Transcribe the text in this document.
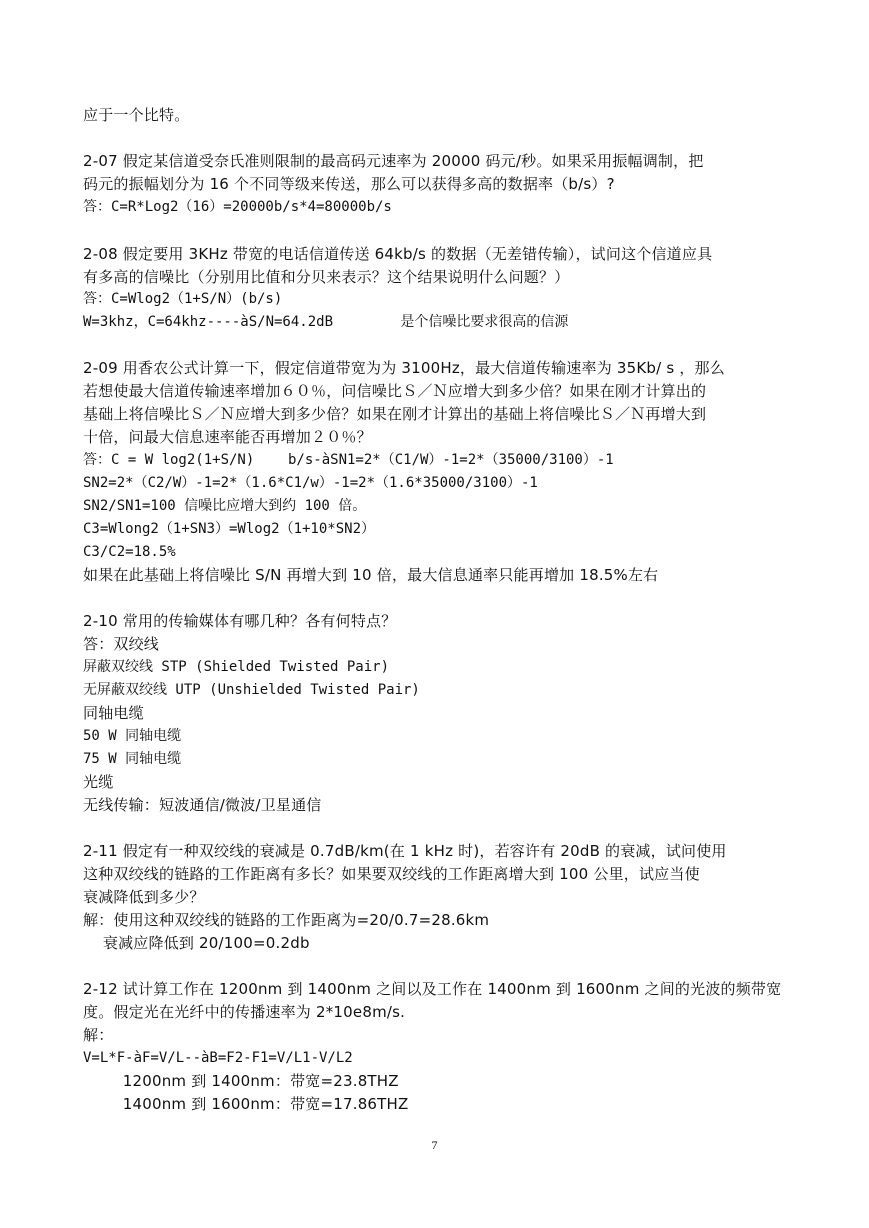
应于一个比特。
2-07 假定某信道受奈氏准则限制的最高码元速率为 20000 码元/秒。如果采用振幅调制，把
码元的振幅划分为 16 个不同等级来传送，那么可以获得多高的数据率（b/s）?
答：C=R*Log2（16）=20000b/s*4=80000b/s
2-08 假定要用 3KHz 带宽的电话信道传送 64kb/s 的数据（无差错传输），试问这个信道应具
有多高的信噪比（分别用比值和分贝来表示？这个结果说明什么问题？）
答：C=Wlog2（1+S/N）(b/s)
W=3khz，C=64khz----àS/N=64.2dB        是个信噪比要求很高的信源
2-09 用香农公式计算一下，假定信道带宽为为 3100Hz，最大信道传输速率为 35Kb/ s ，那么
若想使最大信道传输速率增加６０％，问信噪比Ｓ／Ｎ应增大到多少倍？如果在刚才计算出的
基础上将信噪比Ｓ／Ｎ应增大到多少倍？如果在刚才计算出的基础上将信噪比Ｓ／Ｎ再增大到
十倍，问最大信息速率能否再增加２０％？
答：C = W log2(1+S/N)    b/s-àSN1=2*（C1/W）-1=2*（35000/3100）-1
SN2=2*（C2/W）-1=2*（1.6*C1/w）-1=2*（1.6*35000/3100）-1
SN2/SN1=100 信噪比应增大到约 100 倍。
C3=Wlong2（1+SN3）=Wlog2（1+10*SN2）
C3/C2=18.5%
如果在此基础上将信噪比 S/N 再增大到 10 倍，最大信息通率只能再增加 18.5%左右
2-10 常用的传输媒体有哪几种？各有何特点？
答：双绞线
屏蔽双绞线 STP (Shielded Twisted Pair)
无屏蔽双绞线 UTP (Unshielded Twisted Pair)
同轴电缆
50 W 同轴电缆
75 W 同轴电缆
光缆
无线传输：短波通信/微波/卫星通信
2-11 假定有一种双绞线的衰减是 0.7dB/km(在 1 kHz 时)，若容许有 20dB 的衰减，试问使用
这种双绞线的链路的工作距离有多长？如果要双绞线的工作距离增大到 100 公里，试应当使
衰减降低到多少？
解：使用这种双绞线的链路的工作距离为=20/0.7=28.6km
衰减应降低到 20/100=0.2db
2-12 试计算工作在 1200nm 到 1400nm 之间以及工作在 1400nm 到 1600nm 之间的光波的频带宽
度。假定光在光纤中的传播速率为 2*10e8m/s.
解：
V=L*F-àF=V/L--àB=F2-F1=V/L1-V/L2
1200nm 到 1400nm：带宽=23.8THZ
1400nm 到 1600nm：带宽=17.86THZ
7
